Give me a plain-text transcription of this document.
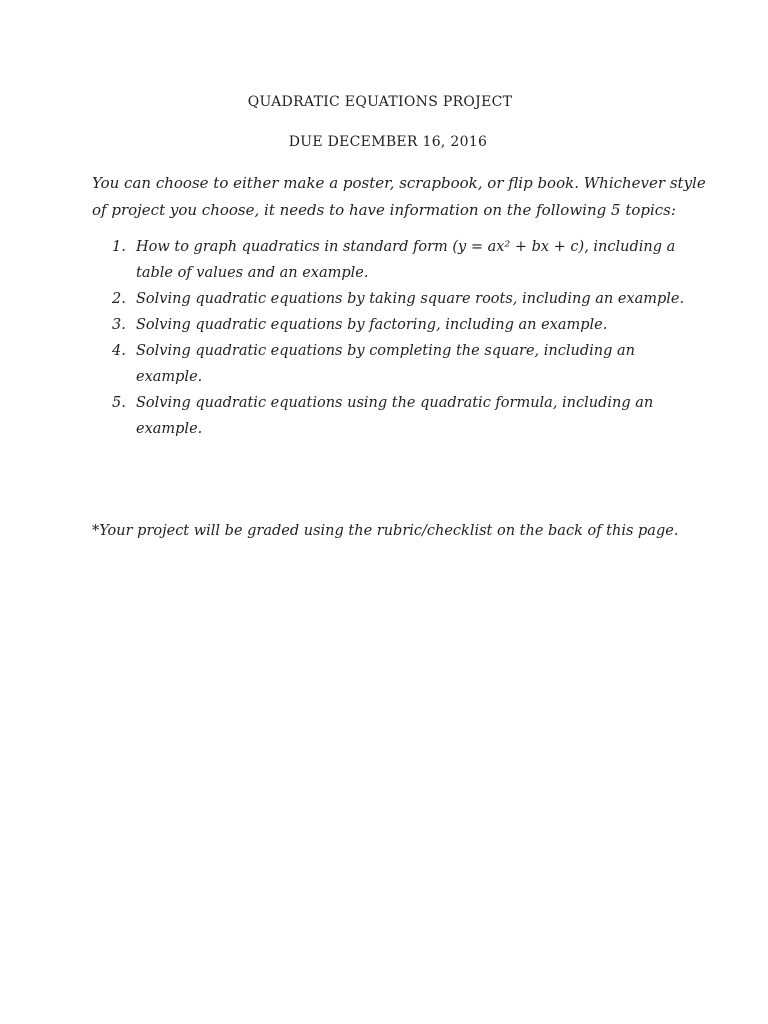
QUADRATIC EQUATIONS PROJECT
DUE DECEMBER 16, 2016
You can choose to either make a poster, scrapbook, or flip book. Whichever style of project you choose, it needs to have information on the following 5 topics:
1. How to graph quadratics in standard form (y = ax² + bx + c), including a table of values and an example.
2. Solving quadratic equations by taking square roots, including an example.
3. Solving quadratic equations by factoring, including an example.
4. Solving quadratic equations by completing the square, including an example.
5. Solving quadratic equations using the quadratic formula, including an example.
*Your project will be graded using the rubric/checklist on the back of this page.
